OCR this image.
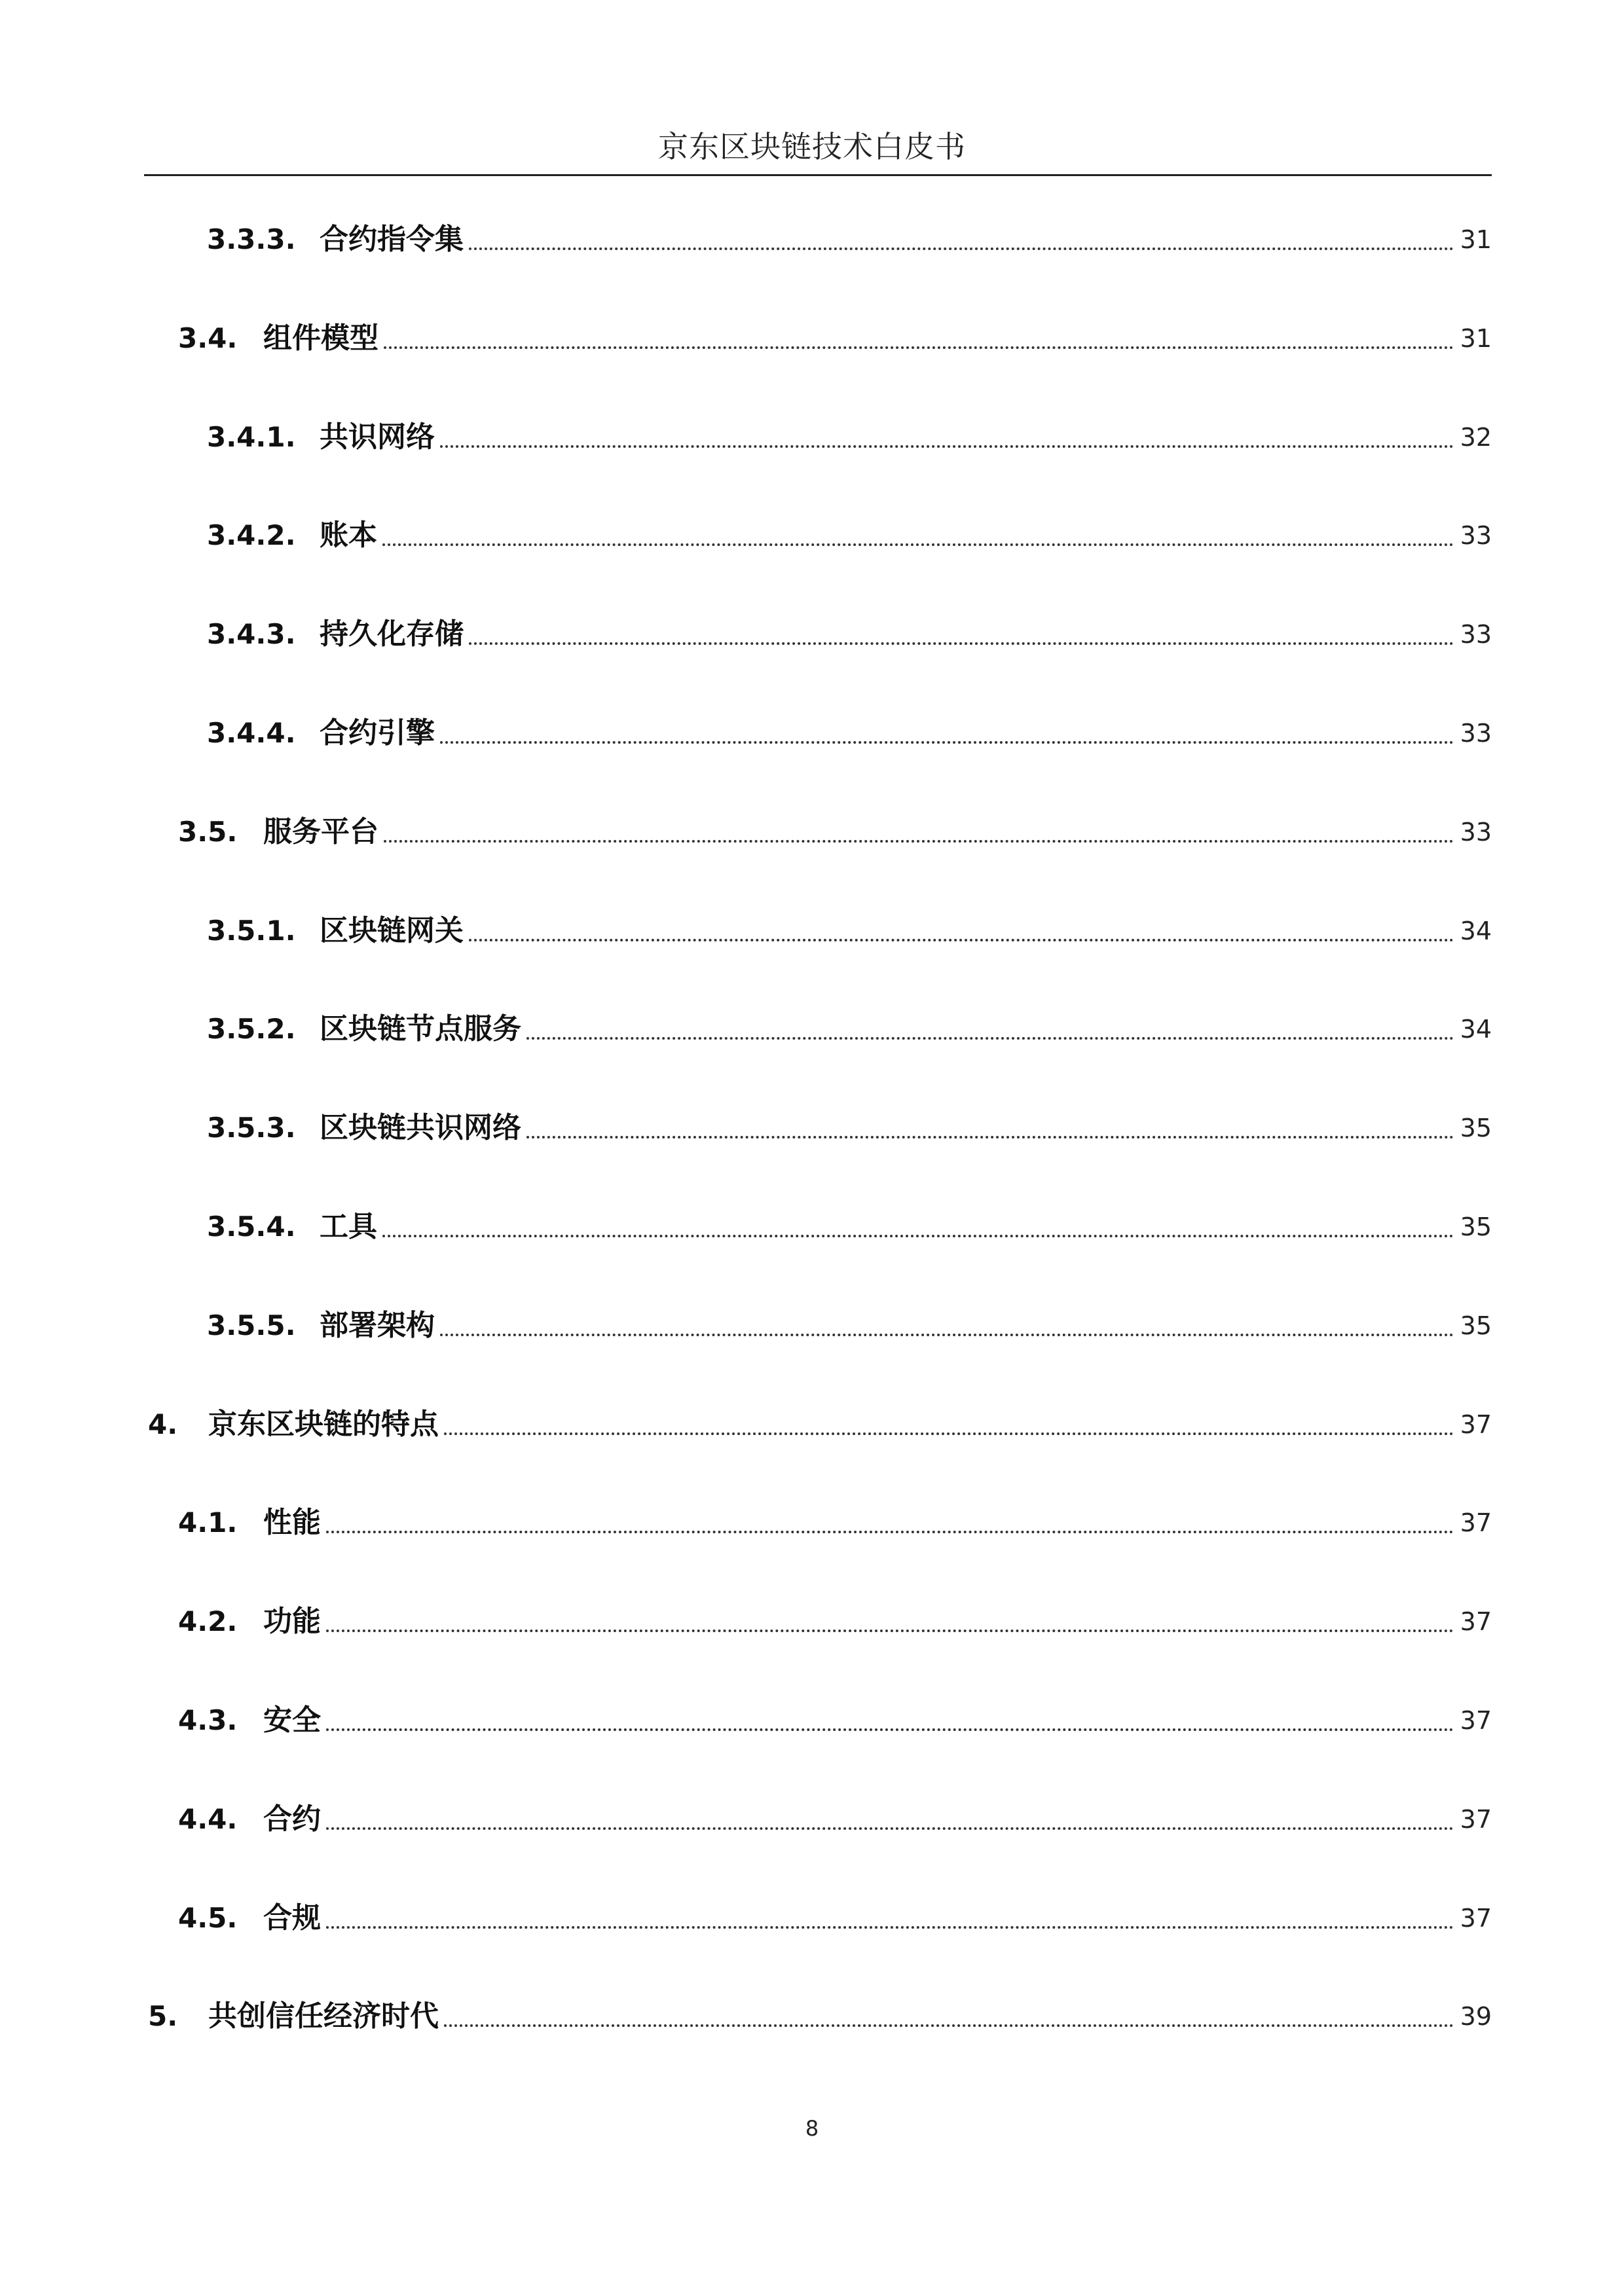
京东区块链技术白皮书
3.3.3. 合约指令集	31
3.4. 组件模型	31
3.4.1. 共识网络	32
3.4.2. 账本	33
3.4.3. 持久化存储	33
3.4.4. 合约引擎	33
3.5. 服务平台	33
3.5.1. 区块链网关	34
3.5.2. 区块链节点服务	34
3.5.3. 区块链共识网络	35
3.5.4. 工具	35
3.5.5. 部署架构	35
4.	京东区块链的特点	37
4.1. 性能	37
4.2. 功能	37
4.3. 安全	37
4.4. 合约	37
4.5. 合规	37
5.	共创信任经济时代	39
8
